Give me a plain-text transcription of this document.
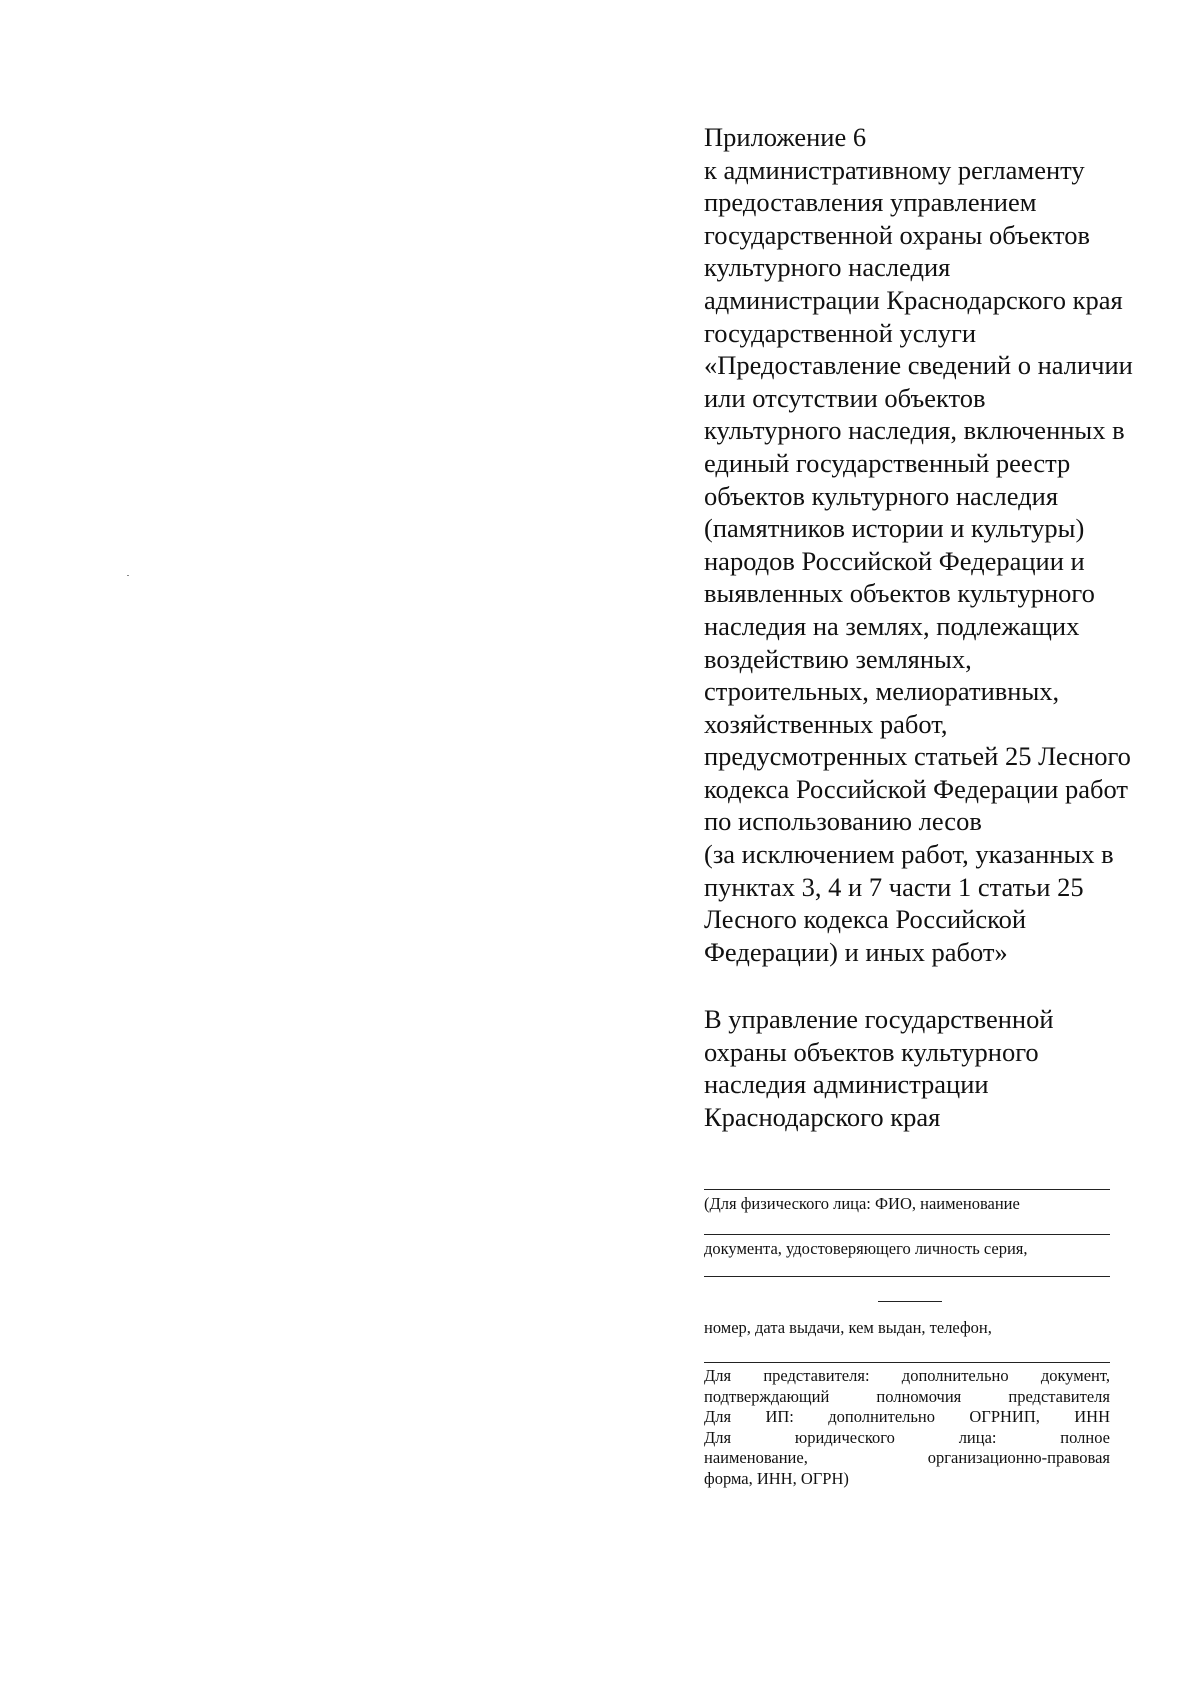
Приложение 6
к административному регламенту
предоставления управлением
государственной охраны объектов
культурного наследия
администрации Краснодарского края
государственной услуги
«Предоставление сведений о наличии
или отсутствии объектов
культурного наследия, включенных в
единый государственный реестр
объектов культурного наследия
(памятников истории и культуры)
народов Российской Федерации и
выявленных объектов культурного
наследия на землях, подлежащих
воздействию земляных,
строительных, мелиоративных,
хозяйственных работ,
предусмотренных статьей 25 Лесного
кодекса Российской Федерации работ
по использованию лесов
(за исключением работ, указанных в
пунктах 3, 4 и 7 части 1 статьи 25
Лесного кодекса Российской
Федерации) и иных работ»
В управление государственной
охраны объектов культурного
наследия администрации
Краснодарского края
(Для физического лица: ФИО, наименование
документа, удостоверяющего личность серия,
номер, дата выдачи, кем выдан, телефон,
Для представителя: дополнительно документ,
подтверждающий полномочия представителя
Для ИП: дополнительно ОГРНИП, ИНН
Для юридического лица: полное
наименование, организационно-правовая
форма, ИНН, ОГРН)
